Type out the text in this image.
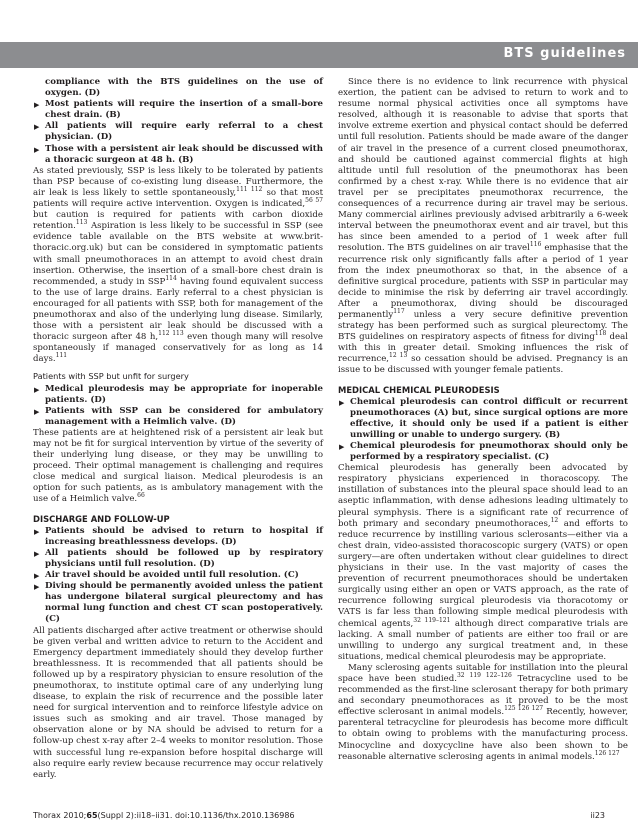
BTS guidelines
compliance with the BTS guidelines on the use of oxygen. (D)
▶ Most patients will require the insertion of a small-bore chest drain. (B)
▶ All patients will require early referral to a chest physician. (D)
▶ Those with a persistent air leak should be discussed with a thoracic surgeon at 48 h. (B)

As stated previously, SSP is less likely to be tolerated by patients than PSP because of co-existing lung disease. Furthermore, the air leak is less likely to settle spontaneously,$^{111 112}$ so that most patients will require active intervention. Oxygen is indicated,$^{56 57}$ but caution is required for patients with carbon dioxide retention.$^{113}$ Aspiration is less likely to be successful in SSP (see evidence table available on the BTS website at www.brit-thoracic.org.uk) but can be considered in symptomatic patients with small pneumothoraces in an attempt to avoid chest drain insertion. Otherwise, the insertion of a small-bore chest drain is recommended, a study in SSP$^{114}$ having found equivalent success to the use of large drains. Early referral to a chest physician is encouraged for all patients with SSP, both for management of the pneumothorax and also of the underlying lung disease. Similarly, those with a persistent air leak should be discussed with a thoracic surgeon after 48 h,$^{112 113}$ even though many will resolve spontaneously if managed conservatively for as long as 14 days.$^{111}$

Patients with SSP but unfit for surgery
▶ Medical pleurodesis may be appropriate for inoperable patients. (D)
▶ Patients with SSP can be considered for ambulatory management with a Heimlich valve. (D)

These patients are at heightened risk of a persistent air leak but may not be fit for surgical intervention by virtue of the severity of their underlying lung disease, or they may be unwilling to proceed. Their optimal management is challenging and requires close medical and surgical liaison. Medical pleurodesis is an option for such patients, as is ambulatory management with the use of a Heimlich valve.$^{66}$

DISCHARGE AND FOLLOW-UP
▶ Patients should be advised to return to hospital if increasing breathlessness develops. (D)
▶ All patients should be followed up by respiratory physicians until full resolution. (D)
▶ Air travel should be avoided until full resolution. (C)
▶ Diving should be permanently avoided unless the patient has undergone bilateral surgical pleurectomy and has normal lung function and chest CT scan postoperatively. (C)

All patients discharged after active treatment or otherwise should be given verbal and written advice to return to the Accident and Emergency department immediately should they develop further breathlessness. It is recommended that all patients should be followed up by a respiratory physician to ensure resolution of the pneumothorax, to institute optimal care of any underlying lung disease, to explain the risk of recurrence and the possible later need for surgical intervention and to reinforce lifestyle advice on issues such as smoking and air travel. Those managed by observation alone or by NA should be advised to return for a follow-up chest x-ray after 2–4 weeks to monitor resolution. Those with successful lung re-expansion before hospital discharge will also require early review because recurrence may occur relatively early.

Since there is no evidence to link recurrence with physical exertion, the patient can be advised to return to work and to resume normal physical activities once all symptoms have resolved, although it is reasonable to advise that sports that involve extreme exertion and physical contact should be deferred until full resolution. Patients should be made aware of the danger of air travel in the presence of a current closed pneumothorax, and should be cautioned against commercial flights at high altitude until full resolution of the pneumothorax has been confirmed by a chest x-ray. While there is no evidence that air travel per se precipitates pneumothorax recurrence, the consequences of a recurrence during air travel may be serious. Many commercial airlines previously advised arbitrarily a 6-week interval between the pneumothorax event and air travel, but this has since been amended to a period of 1 week after full resolution. The BTS guidelines on air travel$^{116}$ emphasise that the recurrence risk only significantly falls after a period of 1 year from the index pneumothorax so that, in the absence of a definitive surgical procedure, patients with SSP in particular may decide to minimise the risk by deferring air travel accordingly. After a pneumothorax, diving should be discouraged permanently$^{117}$ unless a very secure definitive prevention strategy has been performed such as surgical pleurectomy. The BTS guidelines on respiratory aspects of fitness for diving$^{118}$ deal with this in greater detail. Smoking influences the risk of recurrence,$^{12 13}$ so cessation should be advised. Pregnancy is an issue to be discussed with younger female patients.

MEDICAL CHEMICAL PLEURODESIS
▶ Chemical pleurodesis can control difficult or recurrent pneumothoraces (A) but, since surgical options are more effective, it should only be used if a patient is either unwilling or unable to undergo surgery. (B)
▶ Chemical pleurodesis for pneumothorax should only be performed by a respiratory specialist. (C)

Chemical pleurodesis has generally been advocated by respiratory physicians experienced in thoracoscopy. The instillation of substances into the pleural space should lead to an aseptic inflammation, with dense adhesions leading ultimately to pleural symphysis. There is a significant rate of recurrence of both primary and secondary pneumothoraces,$^{12}$ and efforts to reduce recurrence by instilling various sclerosants—either via a chest drain, video-assisted thoracoscopic surgery (VATS) or open surgery—are often undertaken without clear guidelines to direct physicians in their use. In the vast majority of cases the prevention of recurrent pneumothoraces should be undertaken surgically using either an open or VATS approach, as the rate of recurrence following surgical pleurodesis via thoracotomy or VATS is far less than following simple medical pleurodesis with chemical agents,$^{32 119-121}$ although direct comparative trials are lacking. A small number of patients are either too frail or are unwilling to undergo any surgical treatment and, in these situations, medical chemical pleurodesis may be appropriate.

Many sclerosing agents suitable for instillation into the pleural space have been studied.$^{32 119 122-126}$ Tetracycline used to be recommended as the first-line sclerosant therapy for both primary and secondary pneumothoraces as it proved to be the most effective sclerosant in animal models.$^{125 126 127}$ Recently, however, parenteral tetracycline for pleurodesis has become more difficult to obtain owing to problems with the manufacturing process. Minocycline and doxycycline have also been shown to be reasonable alternative sclerosing agents in animal models.$^{126 127}$

Thorax 2010;65(Suppl 2):ii18–ii31. doi:10.1136/thx.2010.136986	ii23
